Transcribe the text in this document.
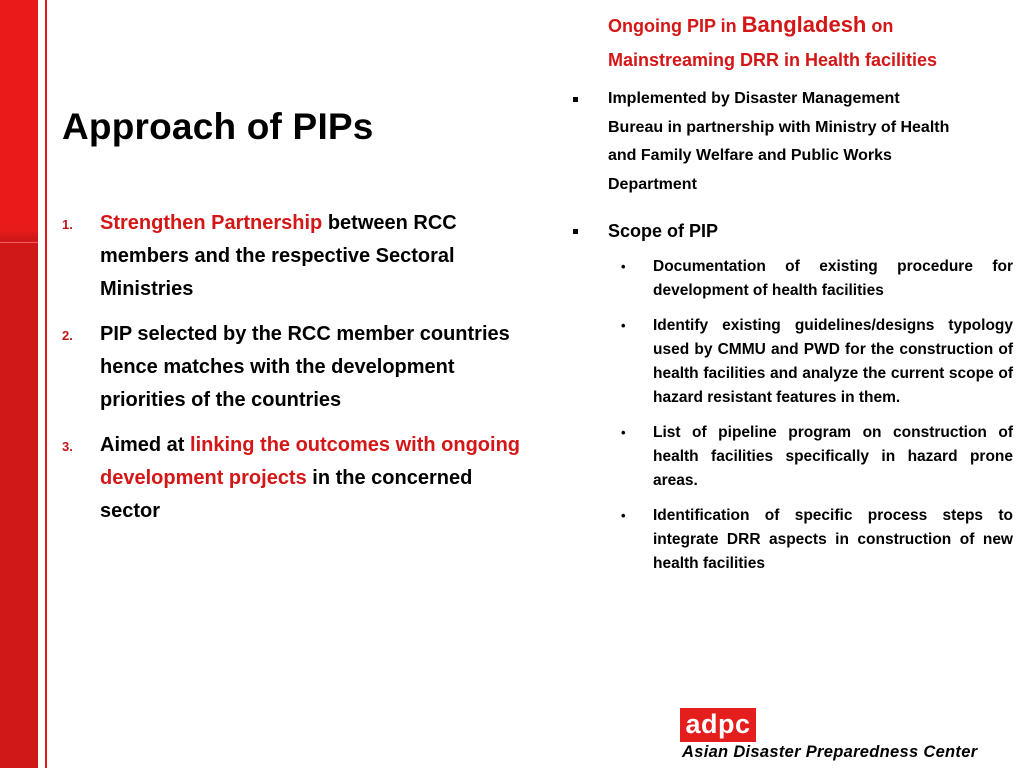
Approach of PIPs
1. Strengthen Partnership between RCC members and the respective Sectoral Ministries
2. PIP selected by the RCC member countries hence matches with the development priorities of the countries
3. Aimed at linking the outcomes with ongoing development projects in the concerned sector

Ongoing PIP in Bangladesh on Mainstreaming DRR in Health facilities

Implemented by Disaster Management Bureau in partnership with Ministry of Health and Family Welfare and Public Works Department
Scope of PIP
• Documentation of existing procedure for development of health facilities
• Identify existing guidelines/designs typology used by CMMU and PWD for the construction of health facilities and analyze the current scope of hazard resistant features in them.
• List of pipeline program on construction of health facilities specifically in hazard prone areas.
• Identification of specific process steps to integrate DRR aspects in construction of new health facilities
adpc
Asian Disaster Preparedness Center
